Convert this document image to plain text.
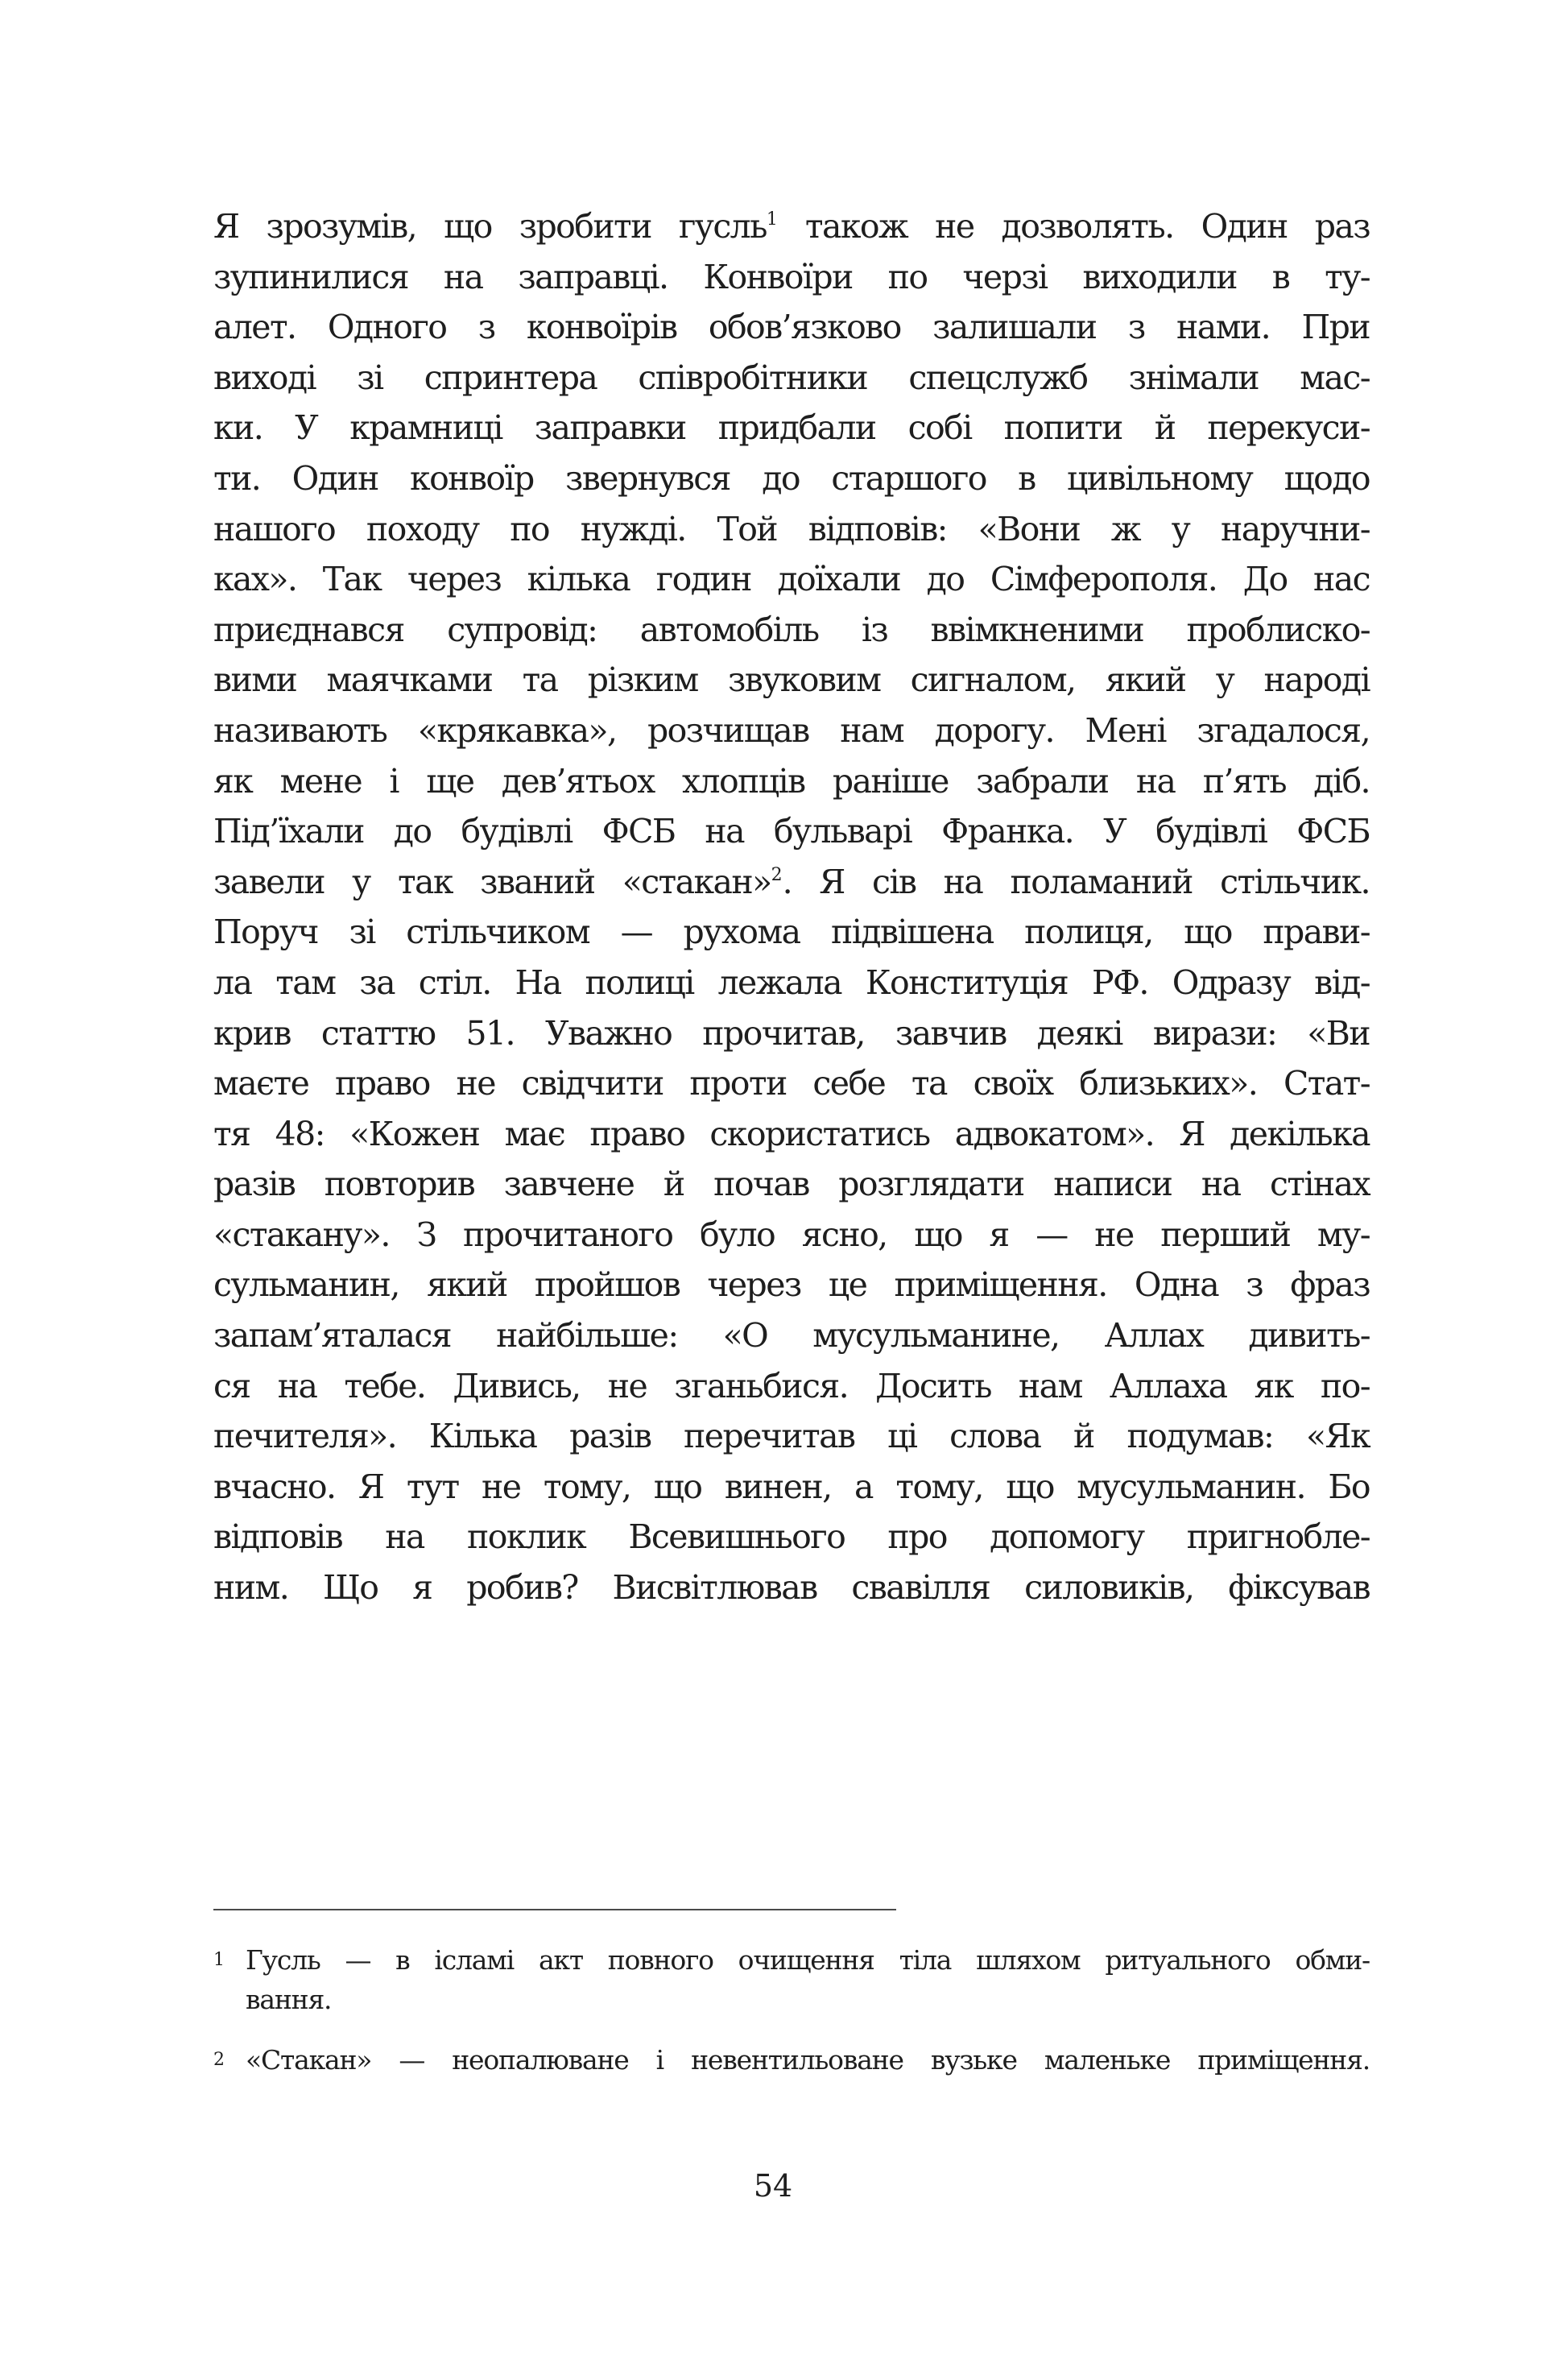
Я зрозумів, що зробити гусль$^1$ також не дозволять. Один раз
зупинилися на заправці. Конвоїри по черзі виходили в ту-
алет. Одного з конвоїрів обов’язково залишали з нами. При
виході зі спринтера співробітники спецслужб знімали мас-
ки. У крамниці заправки придбали собі попити й перекуси-
ти. Один конвоїр звернувся до старшого в цивільному щодо
нашого походу по нужді. Той відповів: «Вони ж у наручни-
ках». Так через кілька годин доїхали до Сімферополя. До нас
приєднався супровід: автомобіль із ввімкненими проблиско-
вими маячками та різким звуковим сигналом, який у народі
називають «крякавка», розчищав нам дорогу. Мені згадалося,
як мене і ще дев’ятьох хлопців раніше забрали на п’ять діб.
Під’їхали до будівлі ФСБ на бульварі Франка. У будівлі ФСБ
завели у так званий «стакан»$^2$. Я сів на поламаний стільчик.
Поруч зі стільчиком — рухома підвішена полиця, що прави-
ла там за стіл. На полиці лежала Конституція РФ. Одразу від-
крив статтю 51. Уважно прочитав, завчив деякі вирази: «Ви
маєте право не свідчити проти себе та своїх близьких». Стат-
тя 48: «Кожен має право скористатись адвокатом». Я декілька
разів повторив завчене й почав розглядати написи на стінах
«стакану». З прочитаного було ясно, що я — не перший му-
сульманин, який пройшов через це приміщення. Одна з фраз
запам’яталася найбільше: «О мусульманине, Аллах дивить-
ся на тебе. Дивись, не зганьбися. Досить нам Аллаха як по-
печителя». Кілька разів перечитав ці слова й подумав: «Як
вчасно. Я тут не тому, що винен, а тому, що мусульманин. Бо
відповів на поклик Всевишнього про допомогу пригнобле-
ним. Що я робив? Висвітлював свавілля силовиків, фіксував
1 Гусль — в ісламі акт повного очищення тіла шляхом ритуального обми-
вання.
2 «Стакан» — неопалюване і невентильоване вузьке маленьке приміщення.
54
